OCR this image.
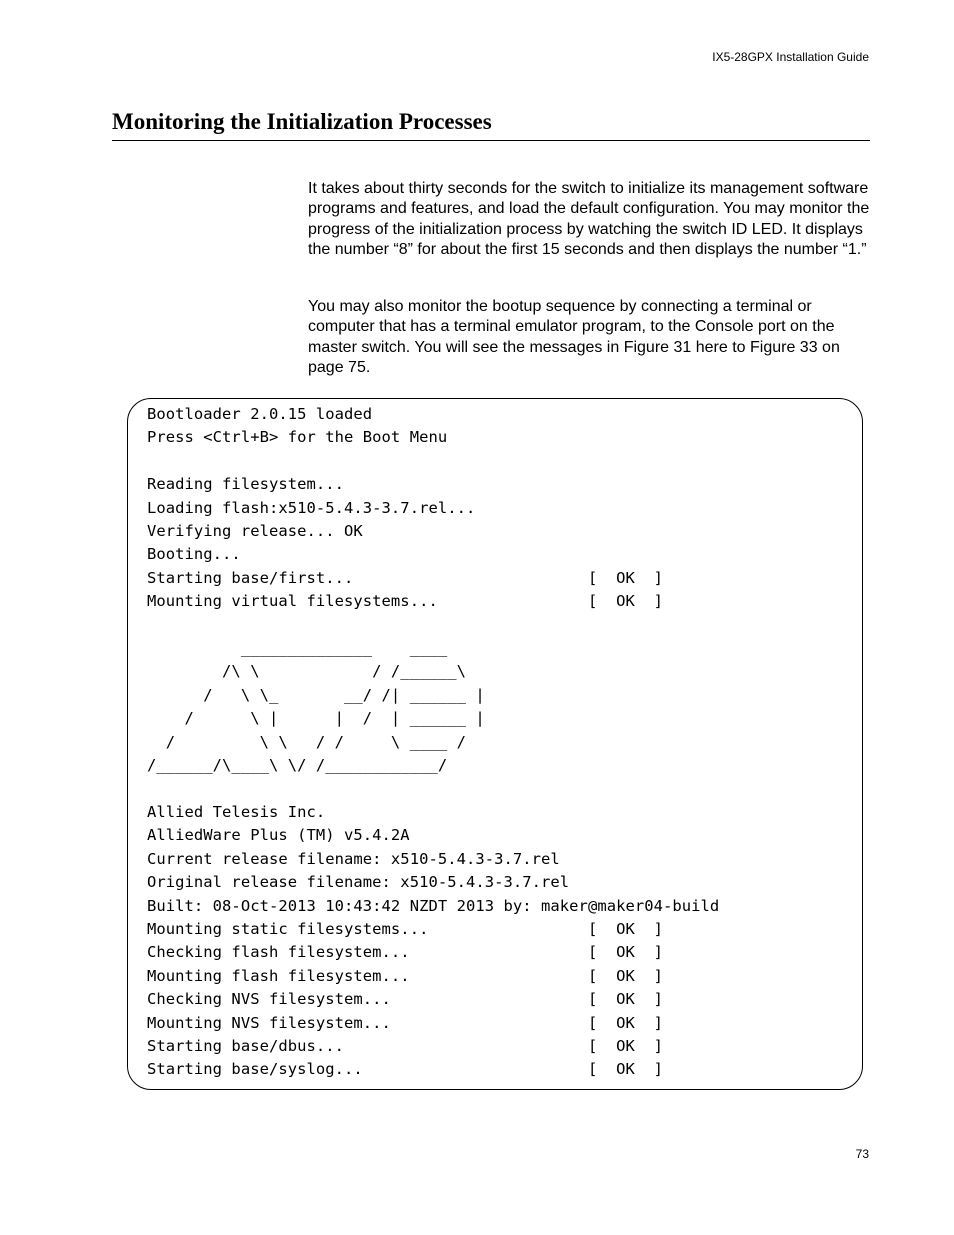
IX5-28GPX Installation Guide
Monitoring the Initialization Processes

It takes about thirty seconds for the switch to initialize its management software programs and features, and load the default configuration. You may monitor the progress of the initialization process by watching the switch ID LED. It displays the number “8” for about the first 15 seconds and then displays the number “1.”

You may also monitor the bootup sequence by connecting a terminal or computer that has a terminal emulator program, to the Console port on the master switch. You will see the messages in Figure 31 here to Figure 33 on page 75.

Bootloader 2.0.15 loaded
Press <Ctrl+B> for the Boot Menu

Reading filesystem...
Loading flash:x510-5.4.3-3.7.rel...
Verifying release... OK
Booting...
Starting base/first...                         [  OK  ]
Mounting virtual filesystems...                [  OK  ]

______________    ____
/\ \            / /______\
/   \ \_       __/ /| ______ |
/      \ |      |  /  | ______ |
/         \ \   / /     \ ____ /
/______/\____\ \/ /____________/

Allied Telesis Inc.
AlliedWare Plus (TM) v5.4.2A
Current release filename: x510-5.4.3-3.7.rel
Original release filename: x510-5.4.3-3.7.rel
Built: 08-Oct-2013 10:43:42 NZDT 2013 by: maker@maker04-build
Mounting static filesystems...                 [  OK  ]
Checking flash filesystem...                   [  OK  ]
Mounting flash filesystem...                   [  OK  ]
Checking NVS filesystem...                     [  OK  ]
Mounting NVS filesystem...                     [  OK  ]
Starting base/dbus...                          [  OK  ]
Starting base/syslog...                        [  OK  ]
73
